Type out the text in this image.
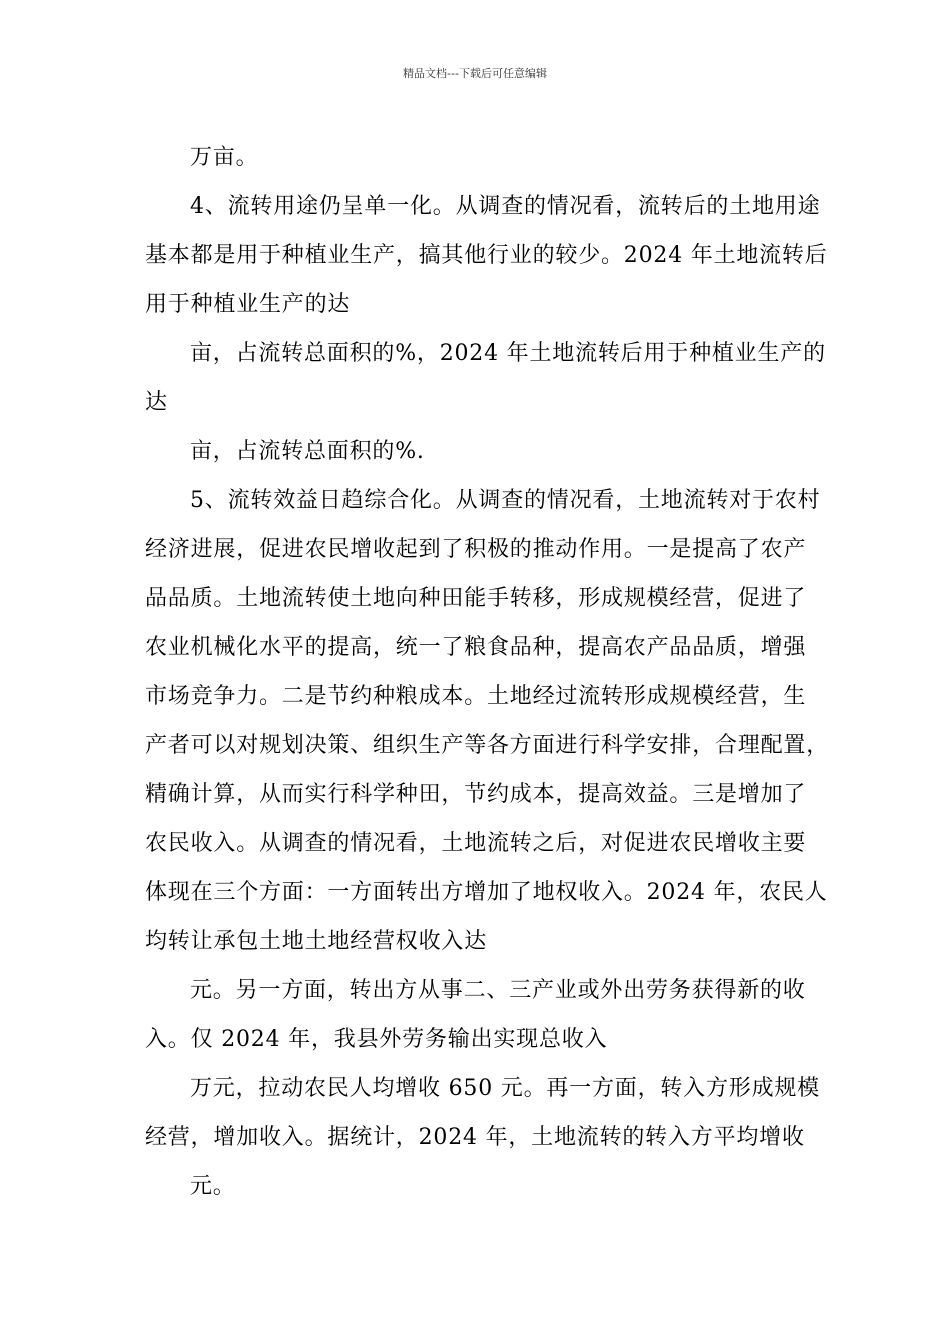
精品文档---下载后可任意编辑

万亩。

4、流转用途仍呈单一化。从调查的情况看，流转后的土地用途
基本都是用于种植业生产，搞其他行业的较少。2024 年土地流转后
用于种植业生产的达

亩，占流转总面积的%，2024 年土地流转后用于种植业生产的
达

亩，占流转总面积的%.

5、流转效益日趋综合化。从调查的情况看，土地流转对于农村
经济进展，促进农民增收起到了积极的推动作用。一是提高了农产
品品质。土地流转使土地向种田能手转移，形成规模经营，促进了
农业机械化水平的提高，统一了粮食品种，提高农产品品质，增强
市场竞争力。二是节约种粮成本。土地经过流转形成规模经营，生
产者可以对规划决策、组织生产等各方面进行科学安排，合理配置，
精确计算，从而实行科学种田，节约成本，提高效益。三是增加了
农民收入。从调查的情况看，土地流转之后，对促进农民增收主要
体现在三个方面：一方面转出方增加了地权收入。2024 年，农民人
均转让承包土地土地经营权收入达

元。另一方面，转出方从事二、三产业或外出劳务获得新的收
入。仅 2024 年，我县外劳务输出实现总收入

万元，拉动农民人均增收 650 元。再一方面，转入方形成规模
经营，增加收入。据统计，2024 年，土地流转的转入方平均增收

元。
